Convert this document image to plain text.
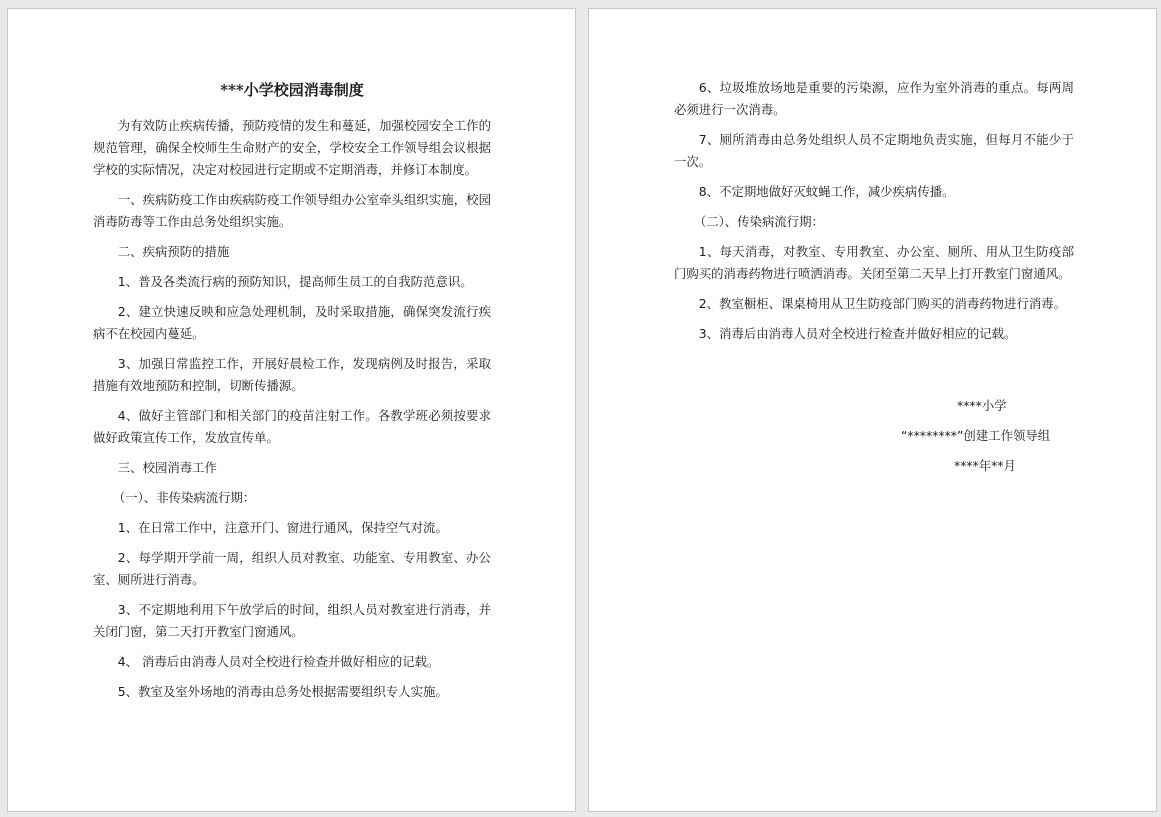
***小学校园消毒制度

为有效防止疾病传播，预防疫情的发生和蔓延，加强校园安全工作的规范管理，确保全校师生生命财产的安全，学校安全工作领导组会议根据学校的实际情况，决定对校园进行定期或不定期消毒，并修订本制度。

一、疾病防疫工作由疾病防疫工作领导组办公室牵头组织实施，校园消毒防毒等工作由总务处组织实施。

二、疾病预防的措施

1、普及各类流行病的预防知识，提高师生员工的自我防范意识。

2、建立快速反映和应急处理机制，及时采取措施，确保突发流行疾病不在校园内蔓延。

3、加强日常监控工作，开展好晨检工作，发现病例及时报告，采取措施有效地预防和控制，切断传播源。

4、做好主管部门和相关部门的疫苗注射工作。各教学班必须按要求做好政策宣传工作，发放宣传单。

三、校园消毒工作

（一）、非传染病流行期：

1、在日常工作中，注意开门、窗进行通风，保持空气对流。

2、每学期开学前一周，组织人员对教室、功能室、专用教室、办公室、厕所进行消毒。

3、不定期地利用下午放学后的时间，组织人员对教室进行消毒，并关闭门窗，第二天打开教室门窗通风。

4、 消毒后由消毒人员对全校进行检查并做好相应的记载。

5、教室及室外场地的消毒由总务处根据需要组织专人实施。

6、垃圾堆放场地是重要的污染源，应作为室外消毒的重点。每两周必须进行一次消毒。

7、厕所消毒由总务处组织人员不定期地负责实施，但每月不能少于一次。

8、不定期地做好灭蚊蝇工作，减少疾病传播。

（二）、传染病流行期：

1、每天消毒，对教室、专用教室、办公室、厕所、用从卫生防疫部门购买的消毒药物进行喷洒消毒。关闭至第二天早上打开教室门窗通风。

2、教室橱柜、课桌椅用从卫生防疫部门购买的消毒药物进行消毒。

3、消毒后由消毒人员对全校进行检查并做好相应的记载。

****小学
“********”创建工作领导组
****年**月
